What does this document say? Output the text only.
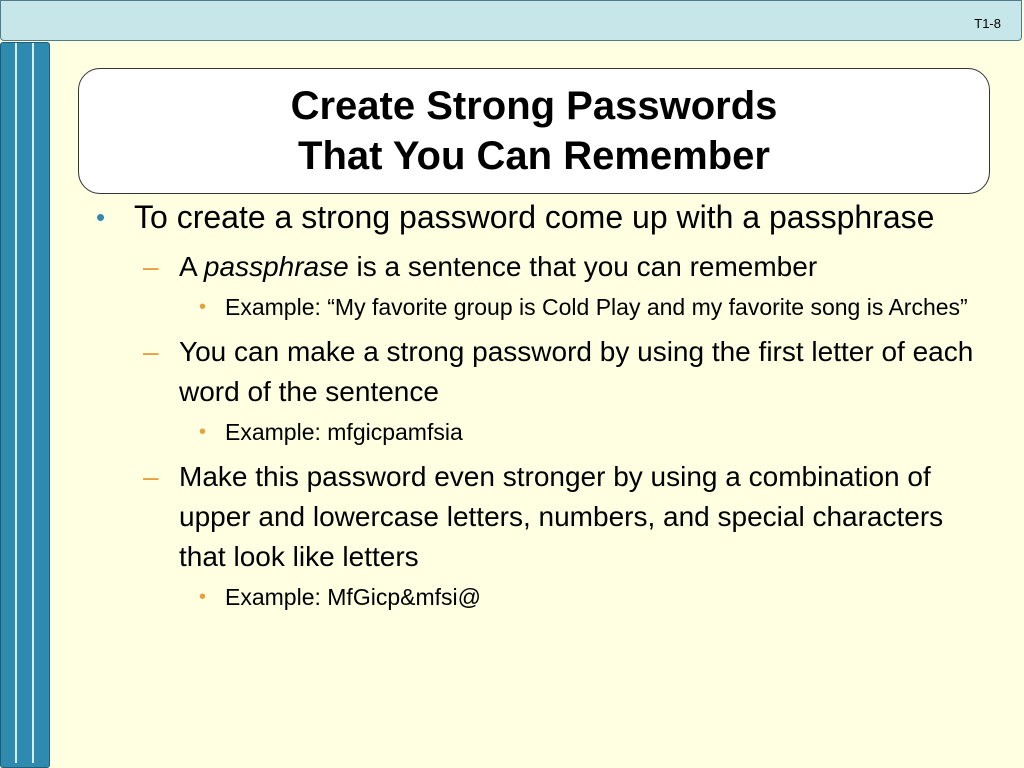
T1-8
Create Strong Passwords
That You Can Remember
• To create a strong password come up with a passphrase
– A passphrase is a sentence that you can remember
• Example: “My favorite group is Cold Play and my favorite song is Arches”
– You can make a strong password by using the first letter of each word of the sentence
• Example: mfgicpamfsia
– Make this password even stronger by using a combination of upper and lowercase letters, numbers, and special characters that look like letters
• Example: MfGicp&mfsi@
